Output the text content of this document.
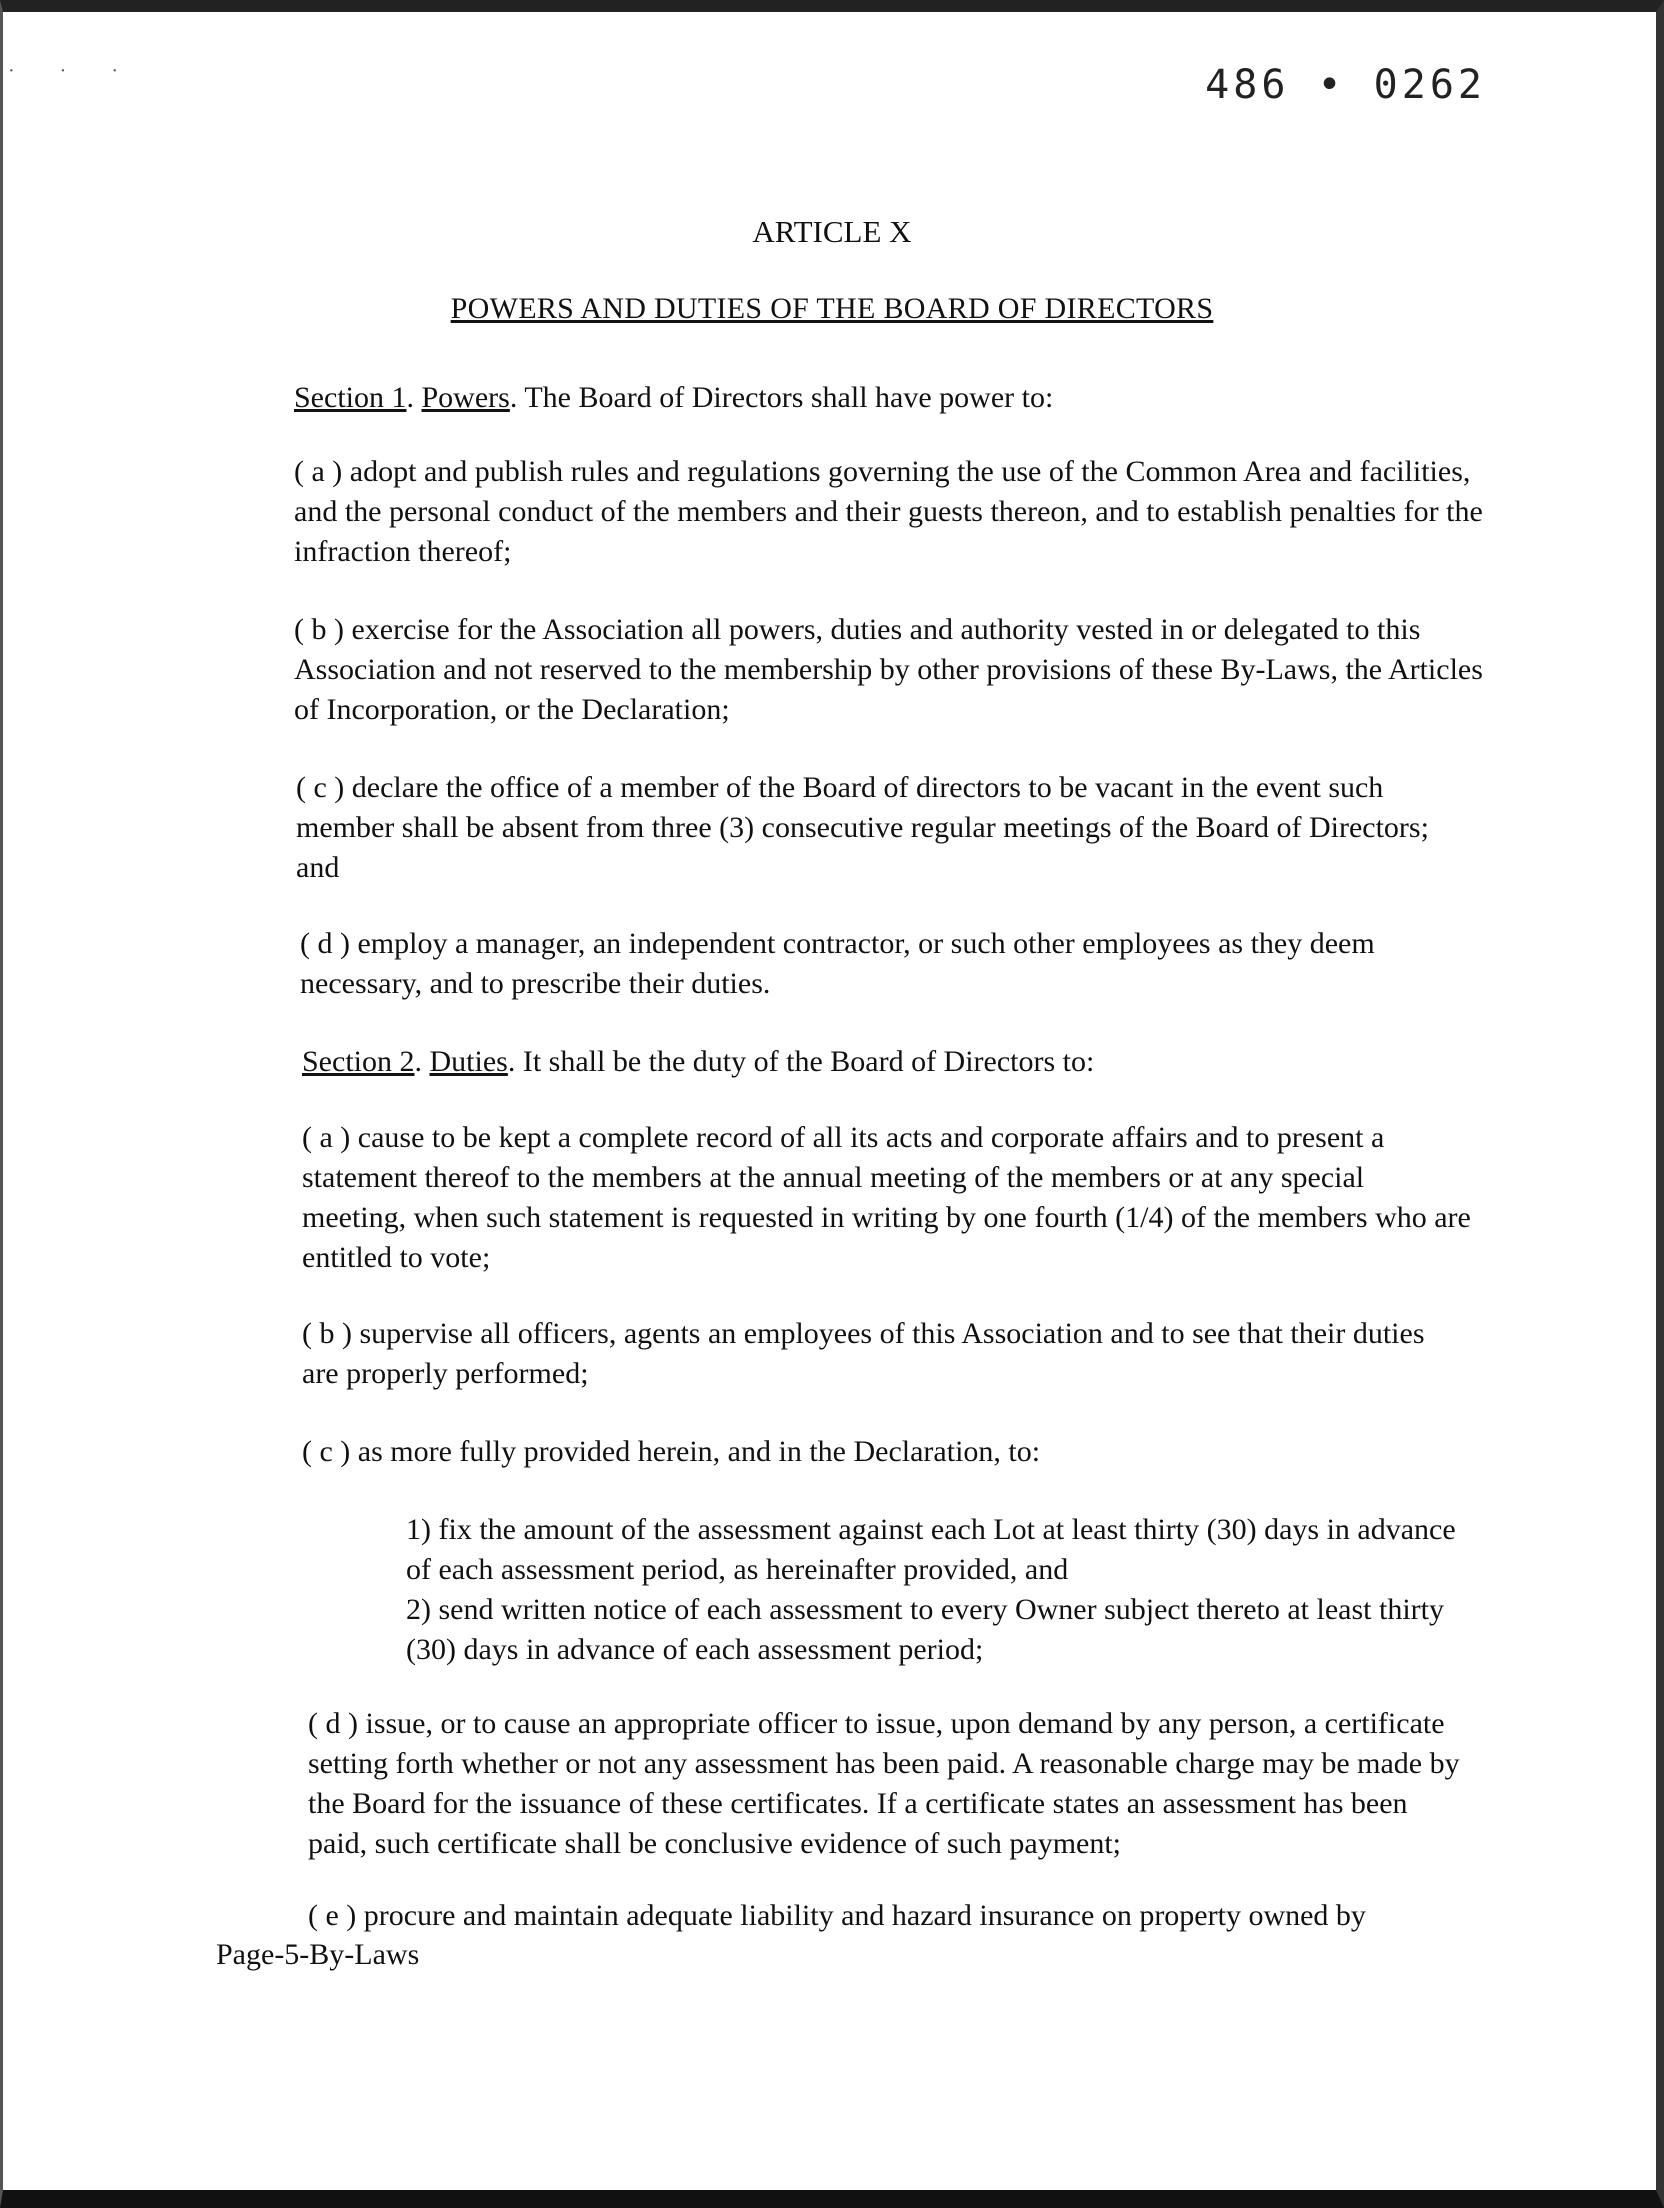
· · ·	486 • 0262
ARTICLE X
POWERS AND DUTIES OF THE BOARD OF DIRECTORS

Section 1. Powers. The Board of Directors shall have power to:

( a ) adopt and publish rules and regulations governing the use of the Common Area and facilities, and the personal conduct of the members and their guests thereon, and to establish penalties for the infraction thereof;

( b ) exercise for the Association all powers, duties and authority vested in or delegated to this Association and not reserved to the membership by other provisions of these By-Laws, the Articles of Incorporation, or the Declaration;

( c ) declare the office of a member of the Board of directors to be vacant in the event such member shall be absent from three (3) consecutive regular meetings of the Board of Directors; and

( d ) employ a manager, an independent contractor, or such other employees as they deem necessary, and to prescribe their duties.

Section 2. Duties. It shall be the duty of the Board of Directors to:

( a ) cause to be kept a complete record of all its acts and corporate affairs and to present a statement thereof to the members at the annual meeting of the members or at any special meeting, when such statement is requested in writing by one fourth (1/4) of the members who are entitled to vote;

( b ) supervise all officers, agents an employees of this Association and to see that their duties are properly performed;

( c ) as more fully provided herein, and in the Declaration, to:

1) fix the amount of the assessment against each Lot at least thirty (30) days in advance of each assessment period, as hereinafter provided, and

2) send written notice of each assessment to every Owner subject thereto at least thirty (30) days in advance of each assessment period;

( d ) issue, or to cause an appropriate officer to issue, upon demand by any person, a certificate setting forth whether or not any assessment has been paid. A reasonable charge may be made by the Board for the issuance of these certificates. If a certificate states an assessment has been paid, such certificate shall be conclusive evidence of such payment;

( e ) procure and maintain adequate liability and hazard insurance on property owned by

Page-5-By-Laws
